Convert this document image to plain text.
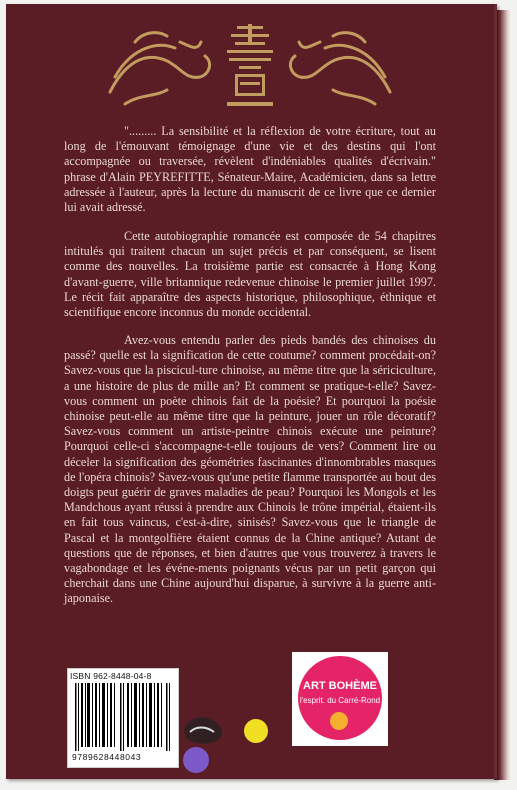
"......... La sensibilité et la réflexion de votre écriture, tout au long de l'émouvant témoignage d'une vie et des destins qui l'ont accompagnée ou traversée, révèlent d'indéniables qualités d'écrivain." phrase d'Alain PEYREFITTE, Sénateur-Maire, Académicien, dans sa lettre adressée à l'auteur, après la lecture du manuscrit de ce livre que ce dernier lui avait adressé.

Cette autobiographie romancée est composée de 54 chapitres intitulés qui traitent chacun un sujet précis et par conséquent, se lisent comme des nouvelles. La troisième partie est consacrée à Hong Kong d'avant-guerre, ville britannique redevenue chinoise le premier juillet 1997. Le récit fait apparaître des aspects historique, philosophique, éthnique et scientifique encore inconnus du monde occidental.

Avez-vous entendu parler des pieds bandés des chinoises du passé? quelle est la signification de cette coutume? comment procédait-on? Savez-vous que la piscicul-ture chinoise, au même titre que la sériciculture, a une histoire de plus de mille an? Et comment se pratique-t-elle? Savez-vous comment un poète chinois fait de la poésie? Et pourquoi la poésie chinoise peut-elle au même titre que la peinture, jouer un rôle décoratif? Savez-vous comment un artiste-peintre chinois exécute une peinture? Pourquoi celle-ci s'accompagne-t-elle toujours de vers? Comment lire ou déceler la signification des géométries fascinantes d'innombrables masques de l'opéra chinois? Savez-vous qu'une petite flamme transportée au bout des doigts peut guérir de graves maladies de peau? Pourquoi les Mongols et les Mandchous ayant réussi à prendre aux Chinois le trône impérial, étaient-ils en fait tous vaincus, c'est-à-dire, sinisés? Savez-vous que le triangle de Pascal et la montgolfière étaient connus de la Chine antique? Autant de questions que de réponses, et bien d'autres que vous trouverez à travers le vagabondage et les événe-ments poignants vécus par un petit garçon qui cherchait dans une Chine aujourd'hui disparue, à survivre à la guerre anti-japonaise.

ISBN 962-8448-04-8
9789628448043
ART BOHÈME
l'esprit. du Carré-Rond
